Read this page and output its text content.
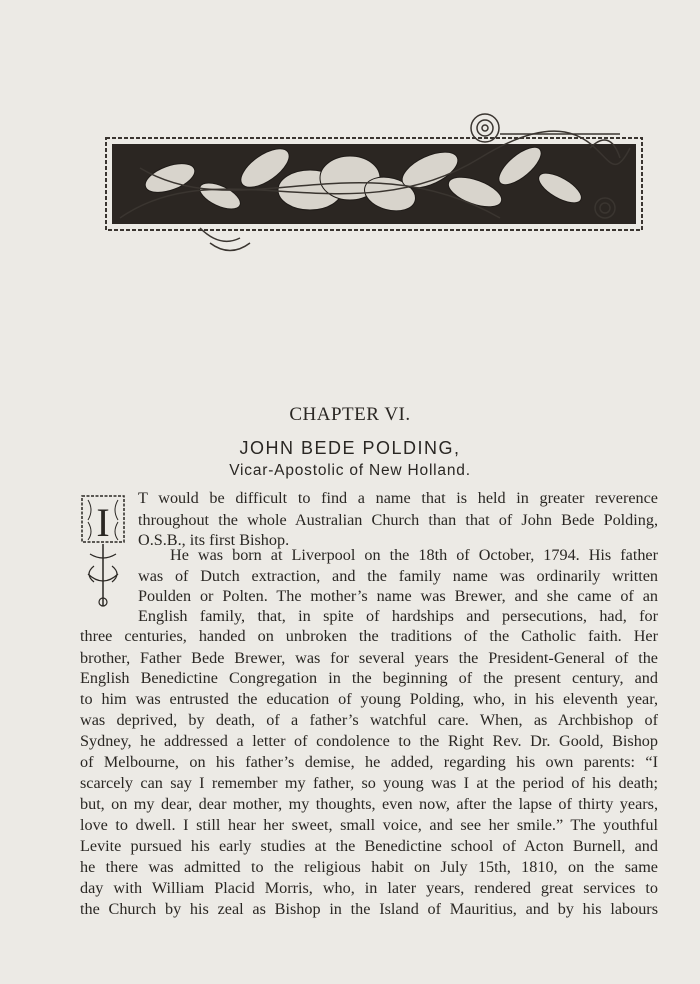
CHAPTER VI.
JOHN BEDE POLDING,
Vicar-Apostolic of New Holland.
I
T would be difficult to find a name that is held in greater reverence
throughout the whole Australian Church than that of John Bede Polding,
O.S.B., its first Bishop.
He was born at Liverpool on the 18th of October, 1794. His father
was of Dutch extraction, and the family name was ordinarily written
Poulden or Polten. The mother’s name was Brewer, and she came of an
English family, that, in spite of hardships and persecutions, had, for
three centuries, handed on unbroken the traditions of the Catholic faith. Her
brother, Father Bede Brewer, was for several years the President-General of the
English Benedictine Congregation in the beginning of the present century, and
to him was entrusted the education of young Polding, who, in his eleventh year,
was deprived, by death, of a father’s watchful care. When, as Archbishop of
Sydney, he addressed a letter of condolence to the Right Rev. Dr. Goold, Bishop
of Melbourne, on his father’s demise, he added, regarding his own parents: “I
scarcely can say I remember my father, so young was I at the period of his death;
but, on my dear, dear mother, my thoughts, even now, after the lapse of thirty years,
love to dwell. I still hear her sweet, small voice, and see her smile.” The youthful
Levite pursued his early studies at the Benedictine school of Acton Burnell, and
he there was admitted to the religious habit on July 15th, 1810, on the same
day with William Placid Morris, who, in later years, rendered great services to
the Church by his zeal as Bishop in the Island of Mauritius, and by his labours
